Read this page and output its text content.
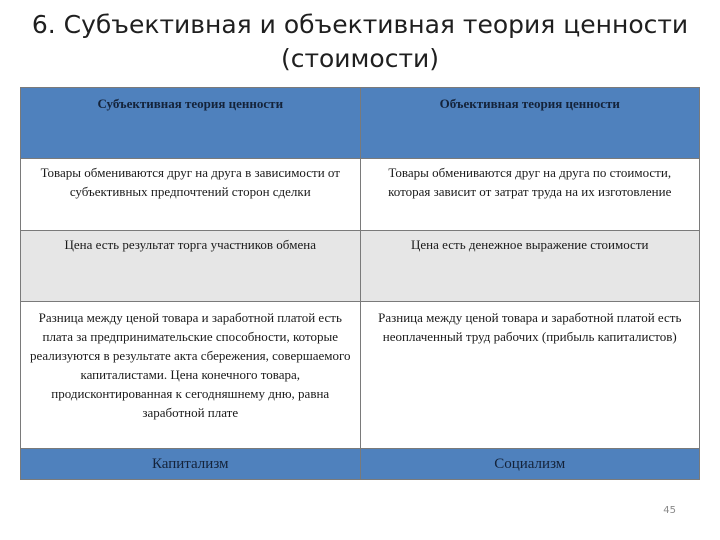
6. Субъективная и объективная теория ценности
(стоимости)
Субъективная теория ценности	Объективная теория ценности
Товары обмениваются друг на друга в зависимости от субъективных предпочтений сторон сделки	Товары обмениваются друг на друга по стоимости, которая зависит от затрат труда на их изготовление
Цена есть результат торга участников обмена	Цена есть денежное выражение стоимости
Разница между ценой товара и заработной платой есть плата за предпринимательские способности, которые реализуются в результате акта сбережения, совершаемого капиталистами. Цена конечного товара, продисконтированная к сегодняшнему дню, равна заработной плате	Разница между ценой товара и заработной платой есть неоплаченный труд рабочих (прибыль капиталистов)
Капитализм	Социализм
45
